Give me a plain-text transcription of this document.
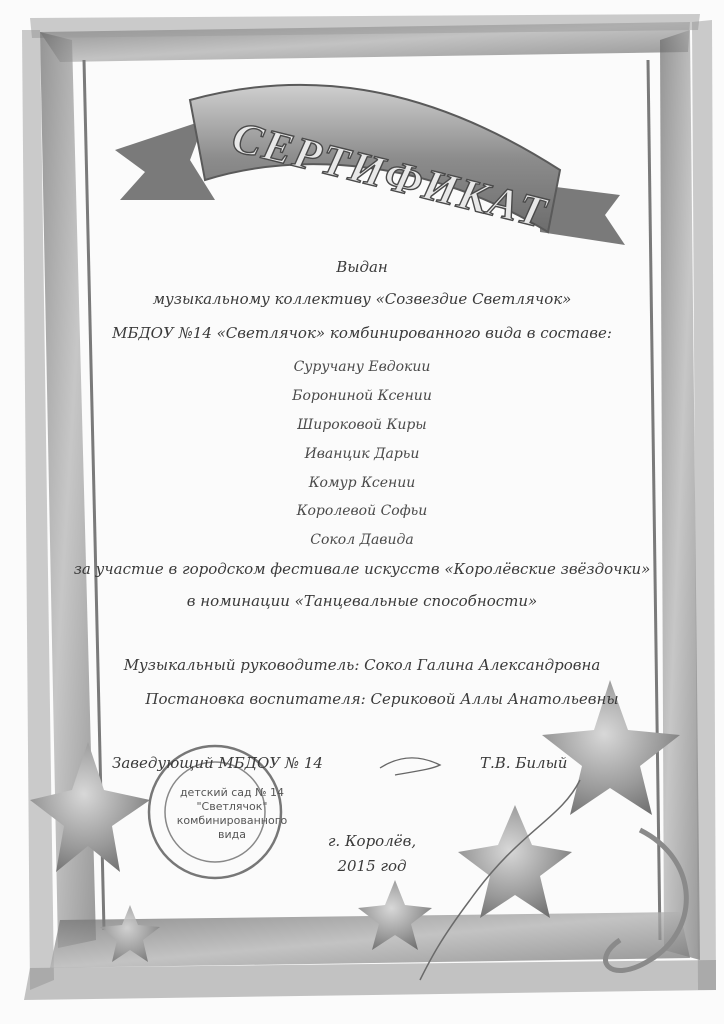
СЕРТИФИКАТ
Выдан
музыкальному коллективу «Созвездие Светлячок»
МБДОУ №14 «Светлячок» комбинированного вида в составе:
Суручану Евдокии
Борониной Ксении
Широковой Киры
Иванцик Дарьи
Комур Ксении
Королевой Софьи
Сокол Давида
за участие в городском фестивале искусств «Королёвские звёздочки»
в номинации «Танцевальные способности»
Музыкальный руководитель: Сокол Галина Александровна
Постановка воспитателя: Сериковой Аллы Анатольевны
Заведующий МБДОУ № 14	Т.В. Билый
детский сад № 14
"Светлячок"
комбинированного
вида	г. Королёв,
2015 год
